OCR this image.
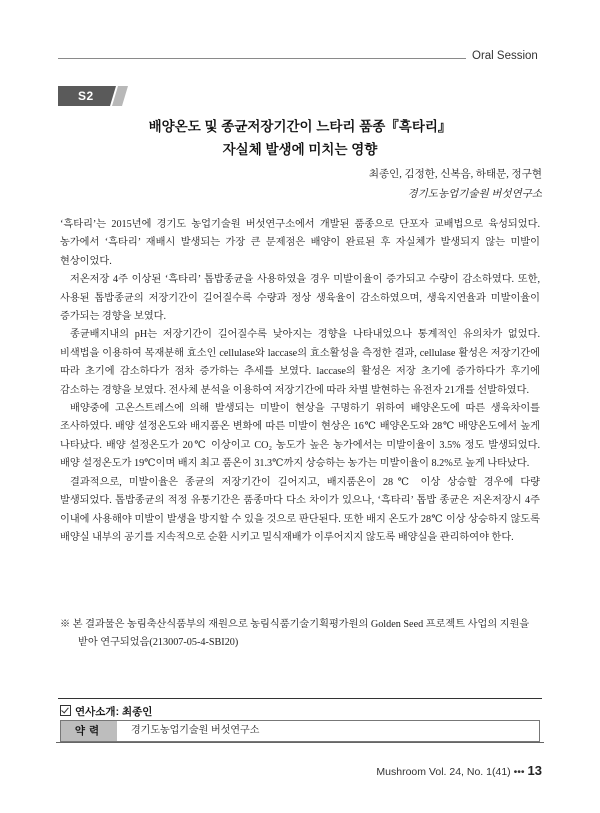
Oral Session
S2
배양온도 및 종균저장기간이 느타리 품종『흑타리』
자실체 발생에 미치는 영향
최종인, 김정한, 신복음, 하태문, 정구현
경기도농업기술원 버섯연구소

‘흑타리’는 2015년에 경기도 농업기술원 버섯연구소에서 개발된 품종으로 단포자 교배법으로 육성되었다. 농가에서 ‘흑타리’ 재배시 발생되는 가장 큰 문제점은 배양이 완료된 후 자실체가 발생되지 않는 미발이 현상이었다.

저온저장 4주 이상된 ‘흑타리’ 톱밥종균을 사용하였을 경우 미발이율이 증가되고 수량이 감소하였다. 또한, 사용된 톱밥종균의 저장기간이 길어질수록 수량과 정상 생육율이 감소하였으며, 생육지연율과 미발이율이 증가되는 경향을 보였다.

종균배지내의 pH는 저장기간이 길어질수록 낮아지는 경향을 나타내었으나 통계적인 유의차가 없었다. 비색법을 이용하여 목재분해 효소인 cellulase와 laccase의 효소활성을 측정한 결과, cellulase 활성은 저장기간에 따라 초기에 감소하다가 점차 증가하는 추세를 보였다. laccase의 활성은 저장 초기에 증가하다가 후기에 감소하는 경향을 보였다. 전사체 분석을 이용하여 저장기간에 따라 차별 발현하는 유전자 21개를 선발하였다.

배양중에 고온스트레스에 의해 발생되는 미발이 현상을 구명하기 위하여 배양온도에 따른 생육차이를 조사하였다. 배양 설정온도와 배지품온 변화에 따른 미발이 현상은 16℃ 배양온도와 28℃ 배양온도에서 높게 나타났다. 배양 설정온도가 20℃ 이상이고 CO₂ 농도가 높은 농가에서는 미발이율이 3.5% 정도 발생되었다. 배양 설정온도가 19℃이며 배지 최고 품온이 31.3℃까지 상승하는 농가는 미발이율이 8.2%로 높게 나타났다.

결과적으로, 미발이율은 종균의 저장기간이 길어지고, 배지품온이 28℃ 이상 상승할 경우에 다량 발생되었다. 톱밥종균의 적정 유통기간은 품종마다 다소 차이가 있으나, ‘흑타리’ 톱밥 종균은 저온저장시 4주 이내에 사용해야 미발이 발생을 방지할 수 있을 것으로 판단된다. 또한 배지 온도가 28℃ 이상 상승하지 않도록 배양실 내부의 공기를 지속적으로 순환 시키고 밀식재배가 이루어지지 않도록 배양실을 관리하여야 한다.

※ 본 결과물은 농림축산식품부의 재원으로 농림식품기술기획평가원의 Golden Seed 프로젝트 사업의 지원을 받아 연구되었음(213007-05-4-SBI20)
연사소개: 최종인
약력	경기도농업기술원 버섯연구소
Mushroom Vol. 24, No. 1(41) ••• 13
